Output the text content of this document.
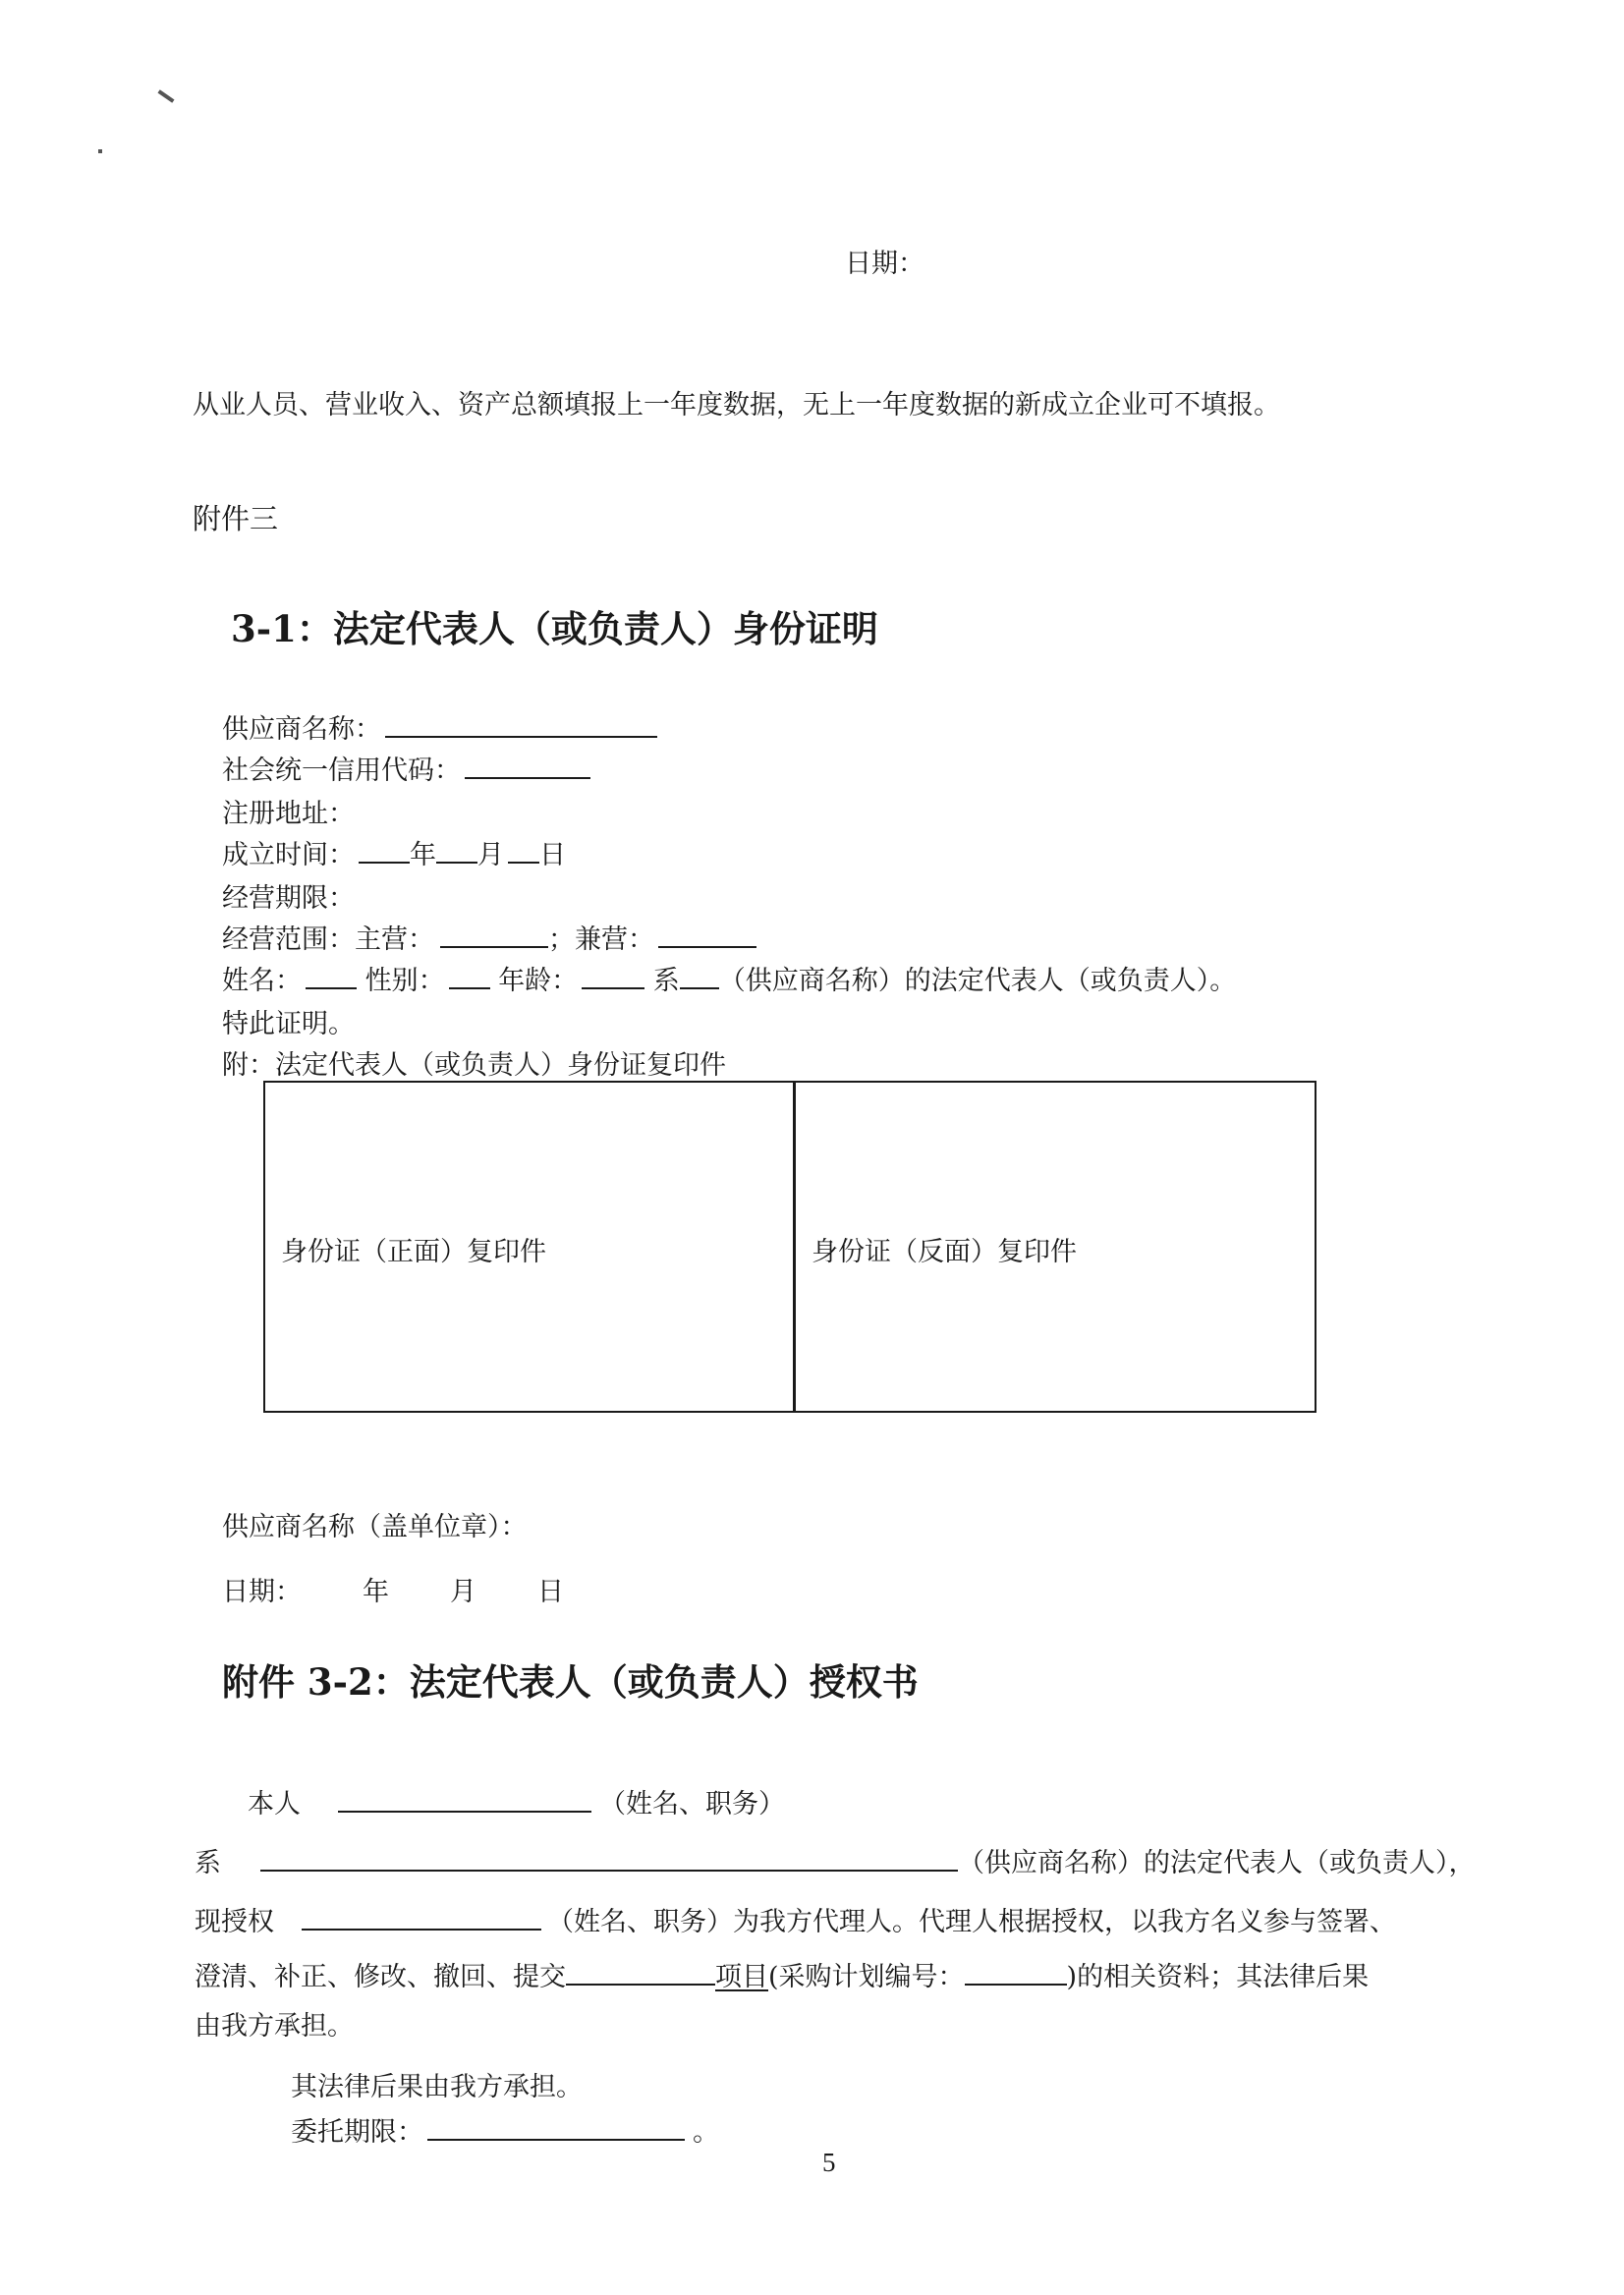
日期：
从业人员、营业收入、资产总额填报上一年度数据，无上一年度数据的新成立企业可不填报。
附件三
3-1：法定代表人（或负责人）身份证明
供应商名称：
社会统一信用代码：
注册地址：
成立时间： 年 月 日
经营期限：
经营范围：主营：	；兼营：
姓名： 性别： 年龄：	系 （供应商名称）的法定代表人（或负责人）。
特此证明。
附：法定代表人（或负责人）身份证复印件
身份证（正面）复印件	身份证（反面）复印件
供应商名称（盖单位章）：
日期： 年 月 日
附件 3-2：法定代表人（或负责人）授权书
本人	（姓名、职务）
系	（供应商名称）的法定代表人（或负责人），
现授权	（姓名、职务）为我方代理人。代理人根据授权，以我方名义参与签署、
澄清、补正、修改、撤回、提交	项目(采购计划编号：	)的相关资料；其法律后果
由我方承担。
其法律后果由我方承担。
委托期限：	。
5
